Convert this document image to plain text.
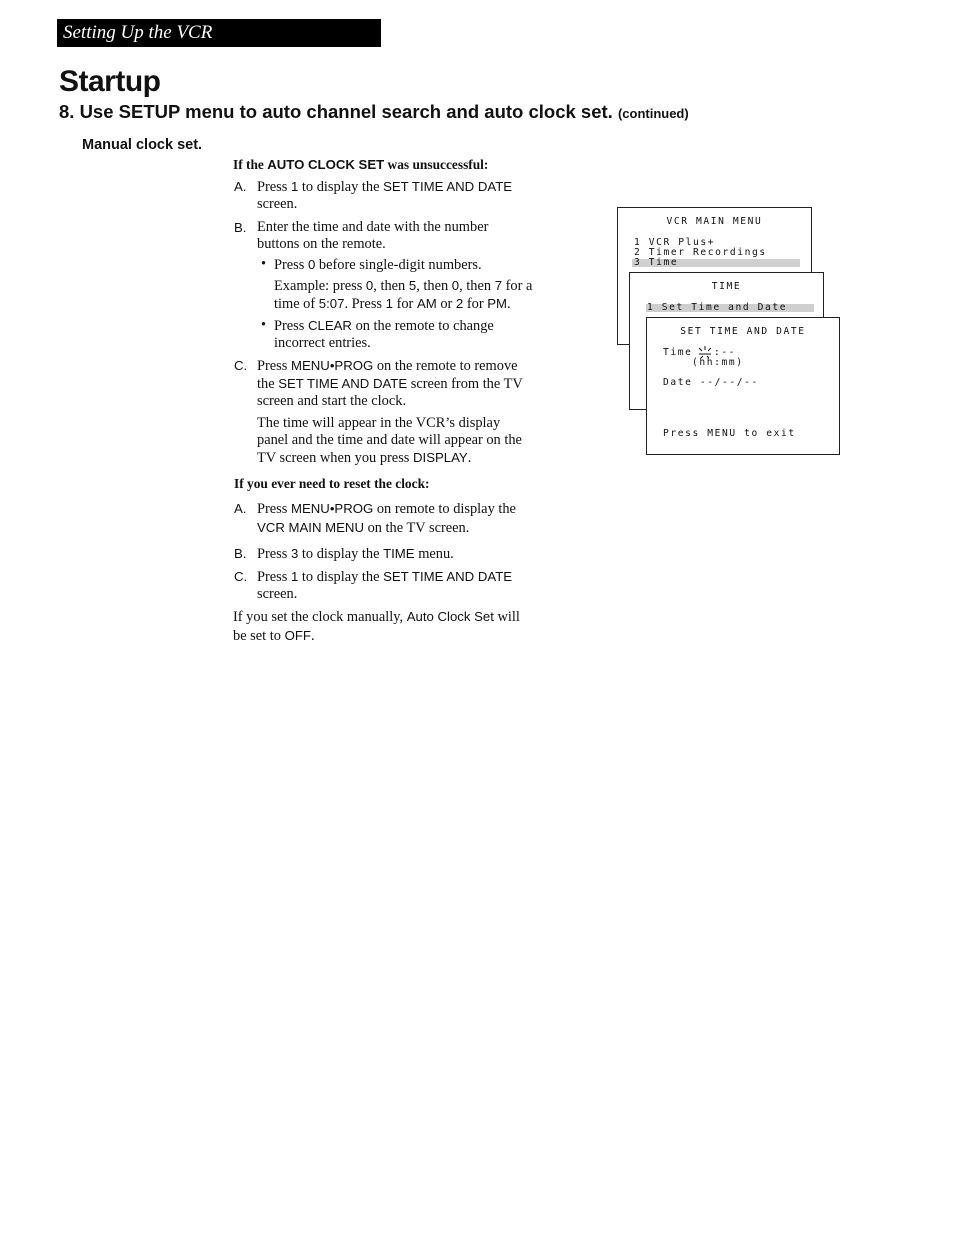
Setting Up the VCR
Startup
8. Use SETUP menu to auto channel search and auto clock set. (continued)
Manual clock set.

If the AUTO CLOCK SET was unsuccessful:

A. Press 1 to display the SET TIME AND DATE screen.

B. Enter the time and date with the number buttons on the remote.

• Press 0 before single-digit numbers.

Example: press 0, then 5, then 0, then 7 for a time of 5:07. Press 1 for AM or 2 for PM.

• Press CLEAR on the remote to change incorrect entries.

C. Press MENU•PROG on the remote to remove the SET TIME AND DATE screen from the TV screen and start the clock.

The time will appear in the VCR’s display panel and the time and date will appear on the TV screen when you press DISPLAY.

If you ever need to reset the clock:

A. Press MENU•PROG on remote to display the VCR MAIN MENU on the TV screen.

B. Press 3 to display the TIME menu.

C. Press 1 to display the SET TIME AND DATE screen.

If you set the clock manually, Auto Clock Set will be set to OFF.

VCR MAIN MENU

1 VCR Plus+

2 Timer Recordings

3 Time

TIME

1 Set Time and Date

SET TIME AND DATE

Time

:--

(hh:mm)

Date --/--/--

Press MENU to exit
